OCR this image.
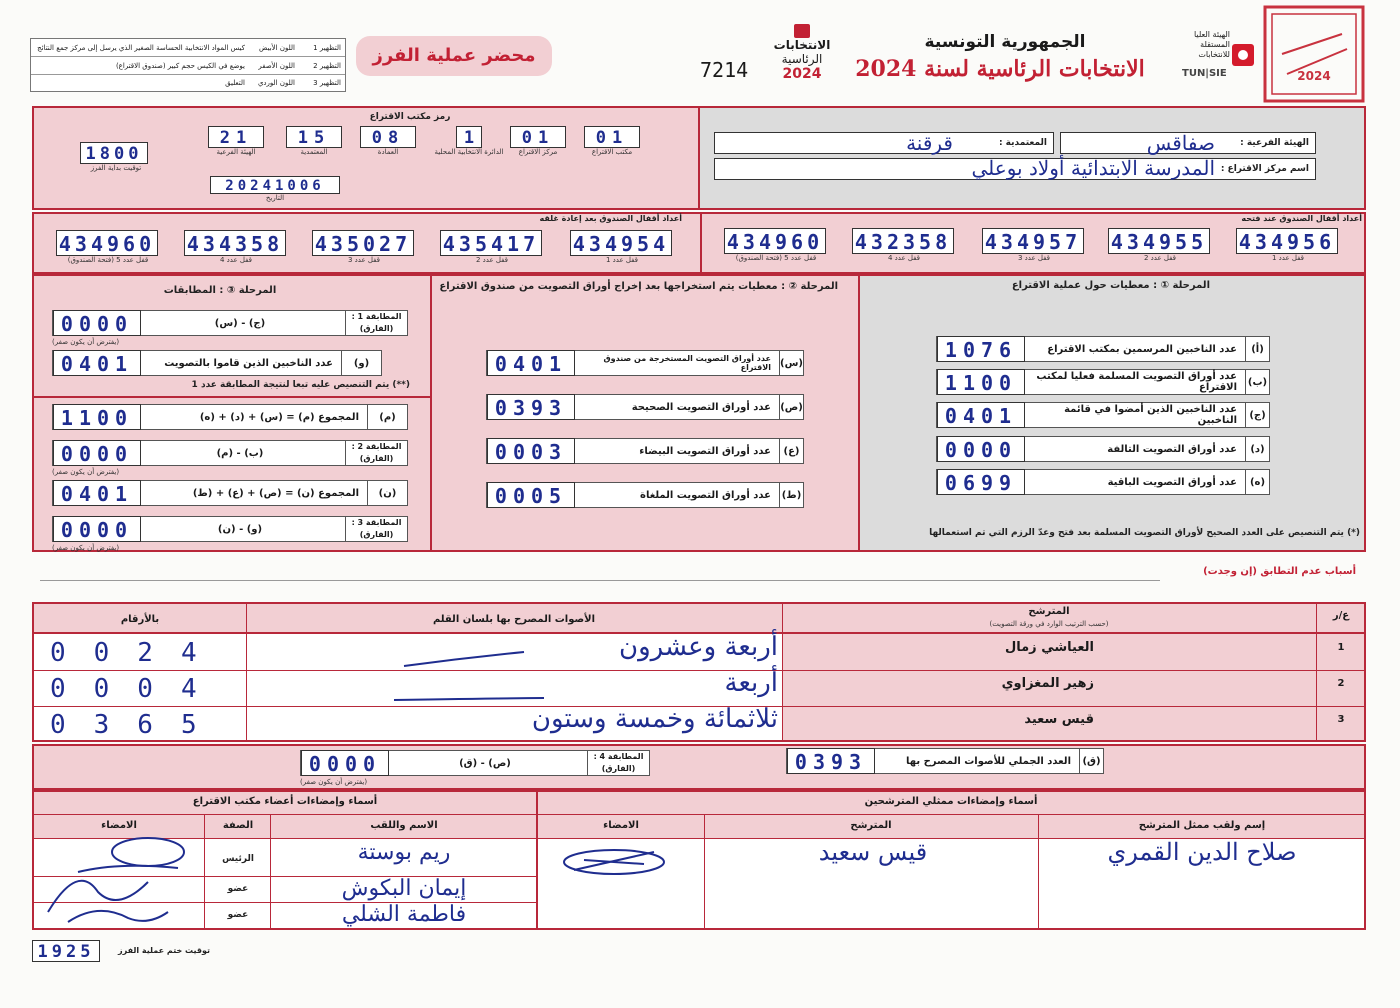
2024
الهيئة العليا المستقلة للانتخابات
TUN|SIE
الجمهورية التونسية
الانتخابات الرئاسية لسنة 2024
الانتخابات
الرئاسية
2024
7214
محضر عملية الفرز
التظهير 1
اللون الأبيض
كيس المواد الانتخابية الحساسة الصغير الذي يرسل إلى مركز جمع النتائج
التظهير 2
اللون الأصفر
يوضع في الكيس حجم كبير (صندوق الاقتراع)
التظهير 3
اللون الوردي
التعليق
الهيئة الفرعية :
صفاقس
المعتمدية :
قرقنة
اسم مركز الاقتراع :
المدرسة الابتدائية أولاد بوعلي
رمز مكتب الاقتراع
21
الهيئة الفرعية
15
المعتمدية
08
العمادة
1
الدائرة الانتخابية المحلية
01
مركز الاقتراع
01
مكتب الاقتراع
20241006
التاريخ
1800
توقيت بداية الفرز
أعداد أقفال الصندوق عند فتحه
أعداد أقفال الصندوق بعد إعادة غلقه
434960
قفل عدد 5 (فتحة الصندوق)
434358
قفل عدد 4
435027
قفل عدد 3
435417
قفل عدد 2
434954
قفل عدد 1
434960
قفل عدد 5 (فتحة الصندوق)
432358
قفل عدد 4
434957
قفل عدد 3
434955
قفل عدد 2
434956
قفل عدد 1
المرحلة ① : معطيات حول عملية الاقتراع
المرحلة ② : معطيات يتم استخراجها بعد إخراج أوراق التصويت من صندوق الاقتراع
المرحلة ③ : المطابقات
(أ)
عدد الناخبين المرسمين بمكتب الاقتراع
1076
(ب)
عدد أوراق التصويت المسلمة فعليا لمكتب الاقتراع
1100
(ج)
عدد الناخبين الذين أمضوا في قائمة الناخبين
0401
(د)
عدد أوراق التصويت التالفة
0000
(ه)
عدد أوراق التصويت الباقية
0699
(*) يتم التنصيص على العدد الصحيح لأوراق التصويت المسلمة بعد فتح وعدّ الرزم التي تم استعمالها
(س)
عدد أوراق التصويت المستخرجة من صندوق الاقتراع
0401
(ص)
عدد أوراق التصويت الصحيحة
0393
(ع)
عدد أوراق التصويت البيضاء
0003
(ط)
عدد أوراق التصويت الملغاة
0005
المطابقة 1 : (الفارق)
(ج) - (س)
0000
(يفترض أن يكون صفر)
(و)
عدد الناخبين الذين قاموا بالتصويت
0401
(**) يتم التنصيص عليه تبعا لنتيجة المطابقة عدد 1
(م)
المجموع (م) = (س) + (د) + (ه)
1100
المطابقة 2 : (الفارق)
(ب) - (م)
0000
(يفترض أن يكون صفر)
(ن)
المجموع (ن) = (ص) + (ع) + (ط)
0401
المطابقة 3 : (الفارق)
(و) - (ن)
0000
(يفترض أن يكون صفر)
أسباب عدم التطابق (إن وجدت)
ع/ر
المترشح
(حسب الترتيب الوارد في ورقة التصويت)
الأصوات المصرح بها بلسان القلم
بالأرقام
1
العياشي زمال
أربعة وعشرون
0024
2
زهير المغزاوي
أربعة
0004
3
قيس سعيد
ثلاثمائة وخمسة وستون
0365
(ق)
العدد الجملي للأصوات المصرح بها
0393
المطابقة 4 : (الفارق)
(ص) - (ق)
0000
(يفترض أن يكون صفر)
أسماء وإمضاءات ممثلي المترشحين
أسماء وإمضاءات أعضاء مكتب الاقتراع
إسم ولقب ممثل المترشح
المترشح
الامضاء
الاسم واللقب
الصفة
الامضاء
صلاح الدين القمري
قيس سعيد
ريم بوستة
الرئيس
إيمان البكوش
عضو
فاطمة الشلي
عضو
1925	توقيت ختم عملية الفرز
